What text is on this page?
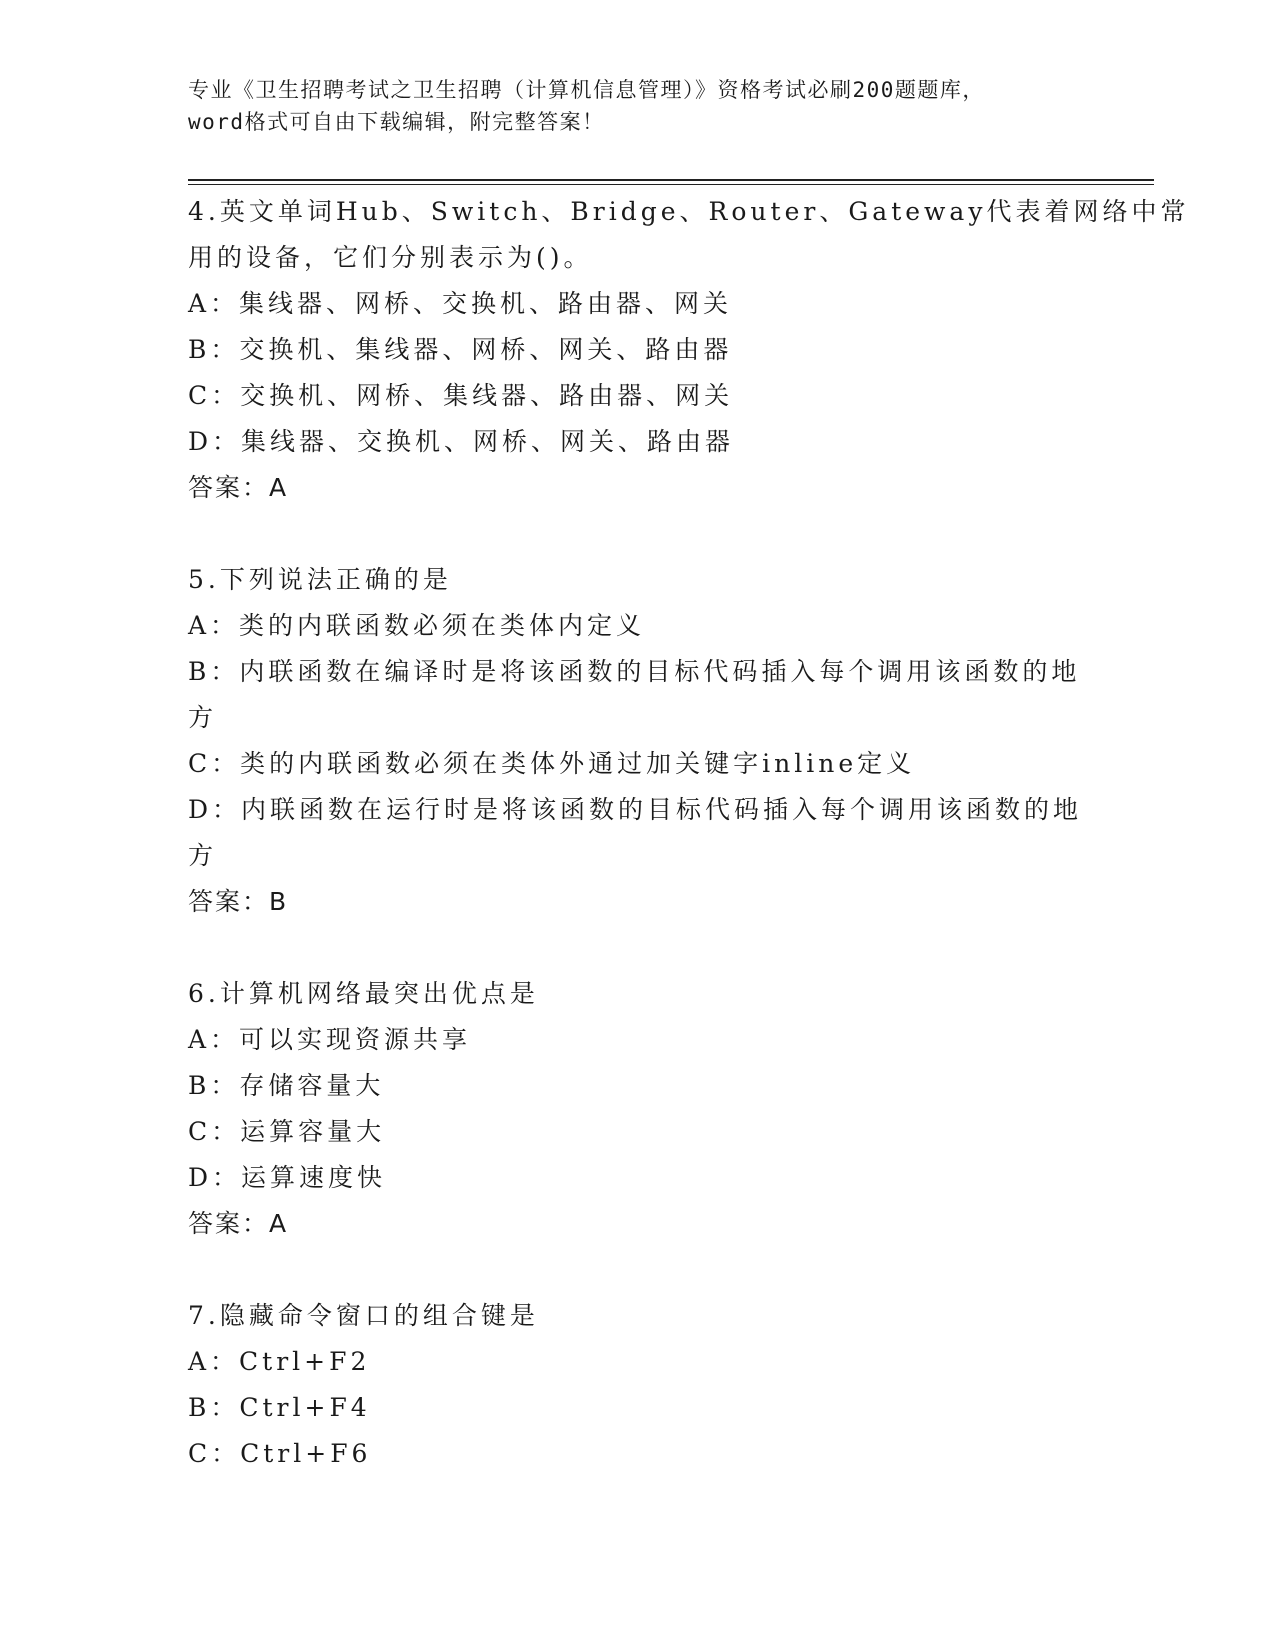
专业《卫生招聘考试之卫生招聘（计算机信息管理）》资格考试必刷200题题库，
word格式可自由下载编辑，附完整答案！
4.英文单词Hub、Switch、Bridge、Router、Gateway代表着网络中常
用的设备，它们分别表示为()。
A：集线器、网桥、交换机、路由器、网关
B：交换机、集线器、网桥、网关、路由器
C：交换机、网桥、集线器、路由器、网关
D：集线器、交换机、网桥、网关、路由器
答案：A
5.下列说法正确的是
A：类的内联函数必须在类体内定义
B：内联函数在编译时是将该函数的目标代码插入每个调用该函数的地
方
C：类的内联函数必须在类体外通过加关键字inline定义
D：内联函数在运行时是将该函数的目标代码插入每个调用该函数的地
方
答案：B
6.计算机网络最突出优点是
A：可以实现资源共享
B：存储容量大
C：运算容量大
D：运算速度快
答案：A
7.隐藏命令窗口的组合键是
A：Ctrl+F2
B：Ctrl+F4
C：Ctrl+F6
